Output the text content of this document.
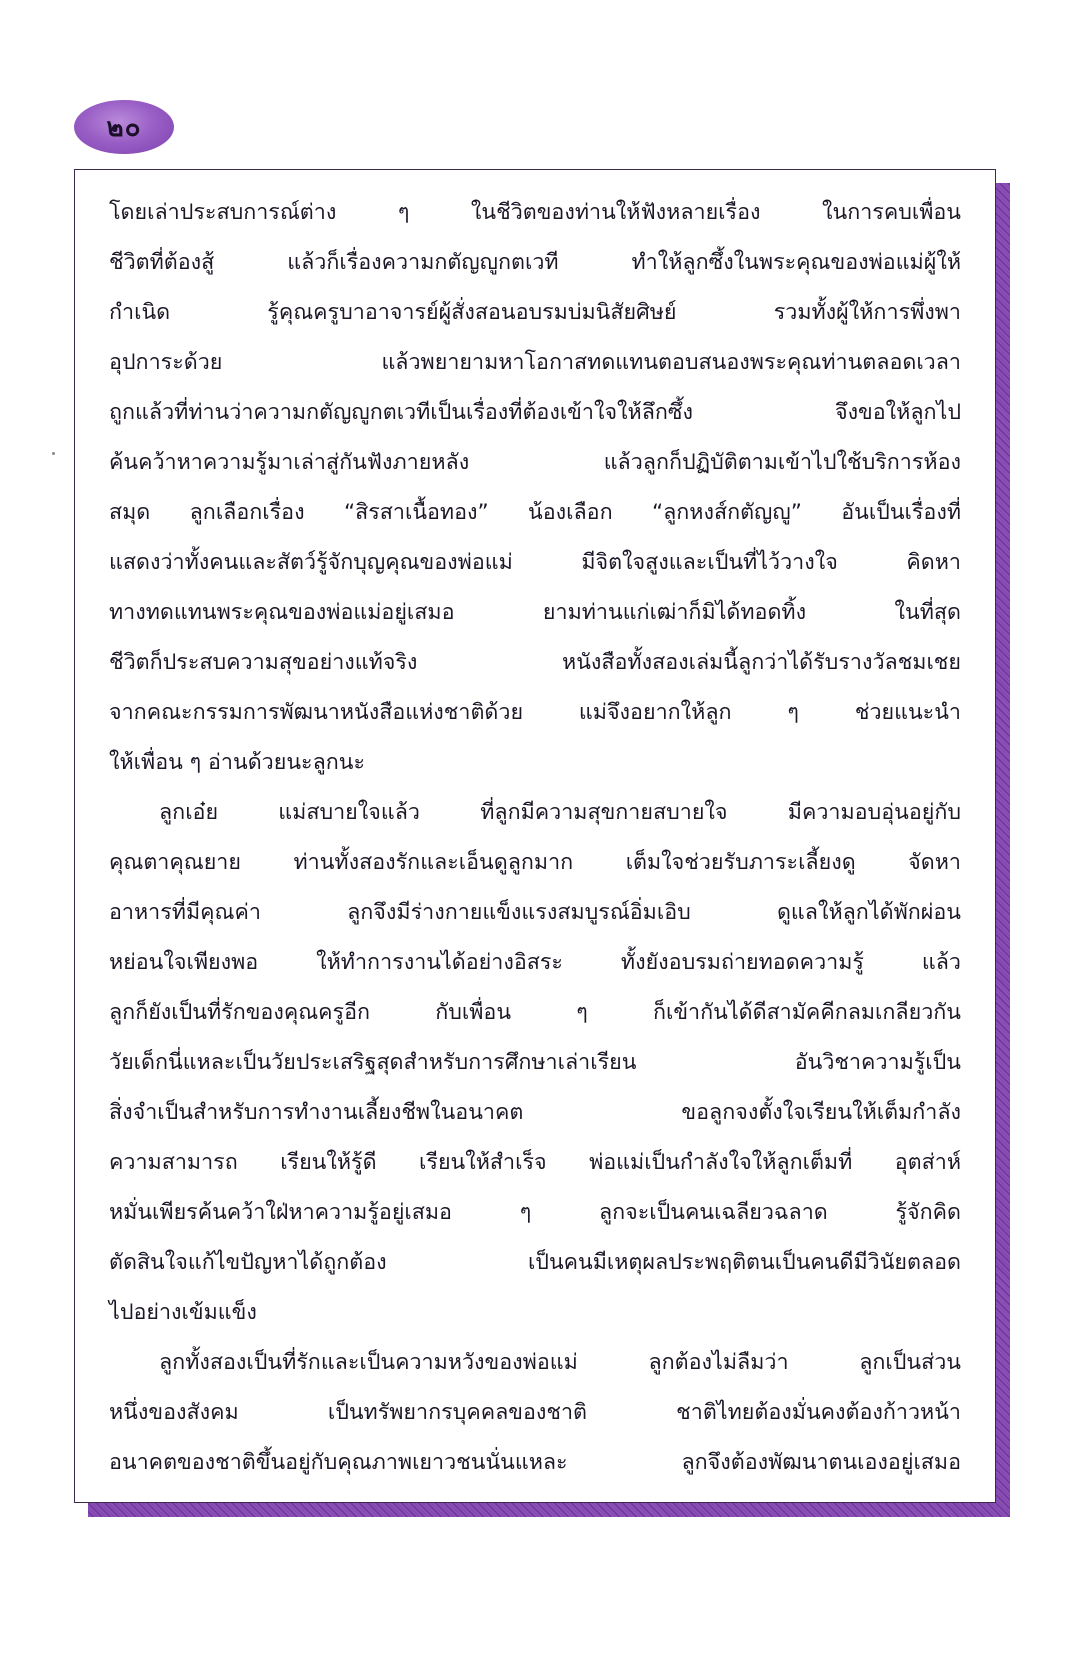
๒๐
โดยเล่าประสบการณ์ต่าง ๆ ในชีวิตของท่านให้ฟังหลายเรื่อง ในการคบเพื่อน
ชีวิตที่ต้องสู้ แล้วก็เรื่องความกตัญญูกตเวที ทำให้ลูกซึ้งในพระคุณของพ่อแม่ผู้ให้
กำเนิด รู้คุณครูบาอาจารย์ผู้สั่งสอนอบรมบ่มนิสัยศิษย์ รวมทั้งผู้ให้การพึ่งพา
อุปการะด้วย แล้วพยายามหาโอกาสทดแทนตอบสนองพระคุณท่านตลอดเวลา
ถูกแล้วที่ท่านว่าความกตัญญูกตเวทีเป็นเรื่องที่ต้องเข้าใจให้ลึกซึ้ง จึงขอให้ลูกไป
ค้นคว้าหาความรู้มาเล่าสู่กันฟังภายหลัง แล้วลูกก็ปฏิบัติตามเข้าไปใช้บริการห้อง
สมุด ลูกเลือกเรื่อง “สิรสาเนื้อทอง” น้องเลือก “ลูกหงส์กตัญญู” อันเป็นเรื่องที่
แสดงว่าทั้งคนและสัตว์รู้จักบุญคุณของพ่อแม่ มีจิตใจสูงและเป็นที่ไว้วางใจ คิดหา
ทางทดแทนพระคุณของพ่อแม่อยู่เสมอ ยามท่านแก่เฒ่าก็มิได้ทอดทิ้ง ในที่สุด
ชีวิตก็ประสบความสุขอย่างแท้จริง หนังสือทั้งสองเล่มนี้ลูกว่าได้รับรางวัลชมเชย
จากคณะกรรมการพัฒนาหนังสือแห่งชาติด้วย แม่จึงอยากให้ลูก ๆ ช่วยแนะนำ
ให้เพื่อน ๆ อ่านด้วยนะลูกนะ
ลูกเอ๋ย แม่สบายใจแล้ว ที่ลูกมีความสุขกายสบายใจ มีความอบอุ่นอยู่กับ
คุณตาคุณยาย ท่านทั้งสองรักและเอ็นดูลูกมาก เต็มใจช่วยรับภาระเลี้ยงดู จัดหา
อาหารที่มีคุณค่า ลูกจึงมีร่างกายแข็งแรงสมบูรณ์อิ่มเอิบ ดูแลให้ลูกได้พักผ่อน
หย่อนใจเพียงพอ ให้ทำการงานได้อย่างอิสระ ทั้งยังอบรมถ่ายทอดความรู้ แล้ว
ลูกก็ยังเป็นที่รักของคุณครูอีก กับเพื่อน ๆ ก็เข้ากันได้ดีสามัคคีกลมเกลียวกัน
วัยเด็กนี่แหละเป็นวัยประเสริฐสุดสำหรับการศึกษาเล่าเรียน อันวิชาความรู้เป็น
สิ่งจำเป็นสำหรับการทำงานเลี้ยงชีพในอนาคต ขอลูกจงตั้งใจเรียนให้เต็มกำลัง
ความสามารถ เรียนให้รู้ดี เรียนให้สำเร็จ พ่อแม่เป็นกำลังใจให้ลูกเต็มที่ อุตส่าห์
หมั่นเพียรค้นคว้าใฝ่หาความรู้อยู่เสมอ ๆ ลูกจะเป็นคนเฉลียวฉลาด รู้จักคิด
ตัดสินใจแก้ไขปัญหาได้ถูกต้อง เป็นคนมีเหตุผลประพฤติตนเป็นคนดีมีวินัยตลอด
ไปอย่างเข้มแข็ง
ลูกทั้งสองเป็นที่รักและเป็นความหวังของพ่อแม่ ลูกต้องไม่ลืมว่า ลูกเป็นส่วน
หนึ่งของสังคม เป็นทรัพยากรบุคคลของชาติ ชาติไทยต้องมั่นคงต้องก้าวหน้า
อนาคตของชาติขึ้นอยู่กับคุณภาพเยาวชนนั่นแหละ ลูกจึงต้องพัฒนาตนเองอยู่เสมอ
